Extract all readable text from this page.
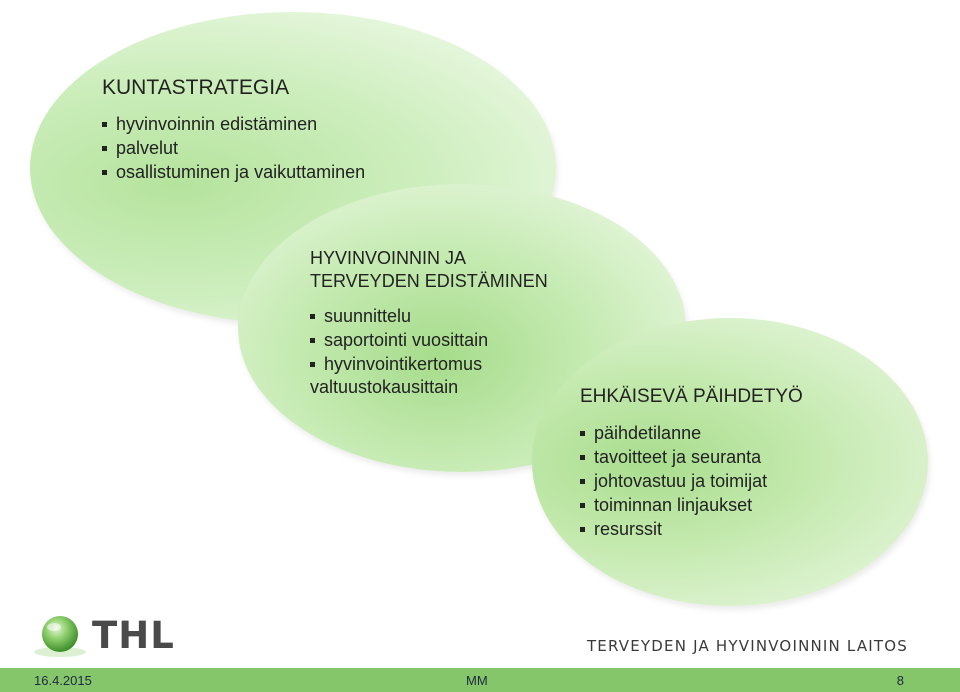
KUNTASTRATEGIA
hyvinvoinnin edistäminen
palvelut
osallistuminen ja vaikuttaminen

HYVINVOINNIN JA

TERVEYDEN EDISTÄMINEN

suunnittelu
saportointi vuosittain
hyvinvointikertomus

valtuustokausittain	EHKÄISEVÄ PÄIHDETYÖ
päihdetilanne
tavoitteet ja seuranta
johtovastuu ja toimijat
toiminnan linjaukset
resurssit
THL	TERVEYDEN JA HYVINVOINNIN LAITOS
16.4.2015	MM	8
